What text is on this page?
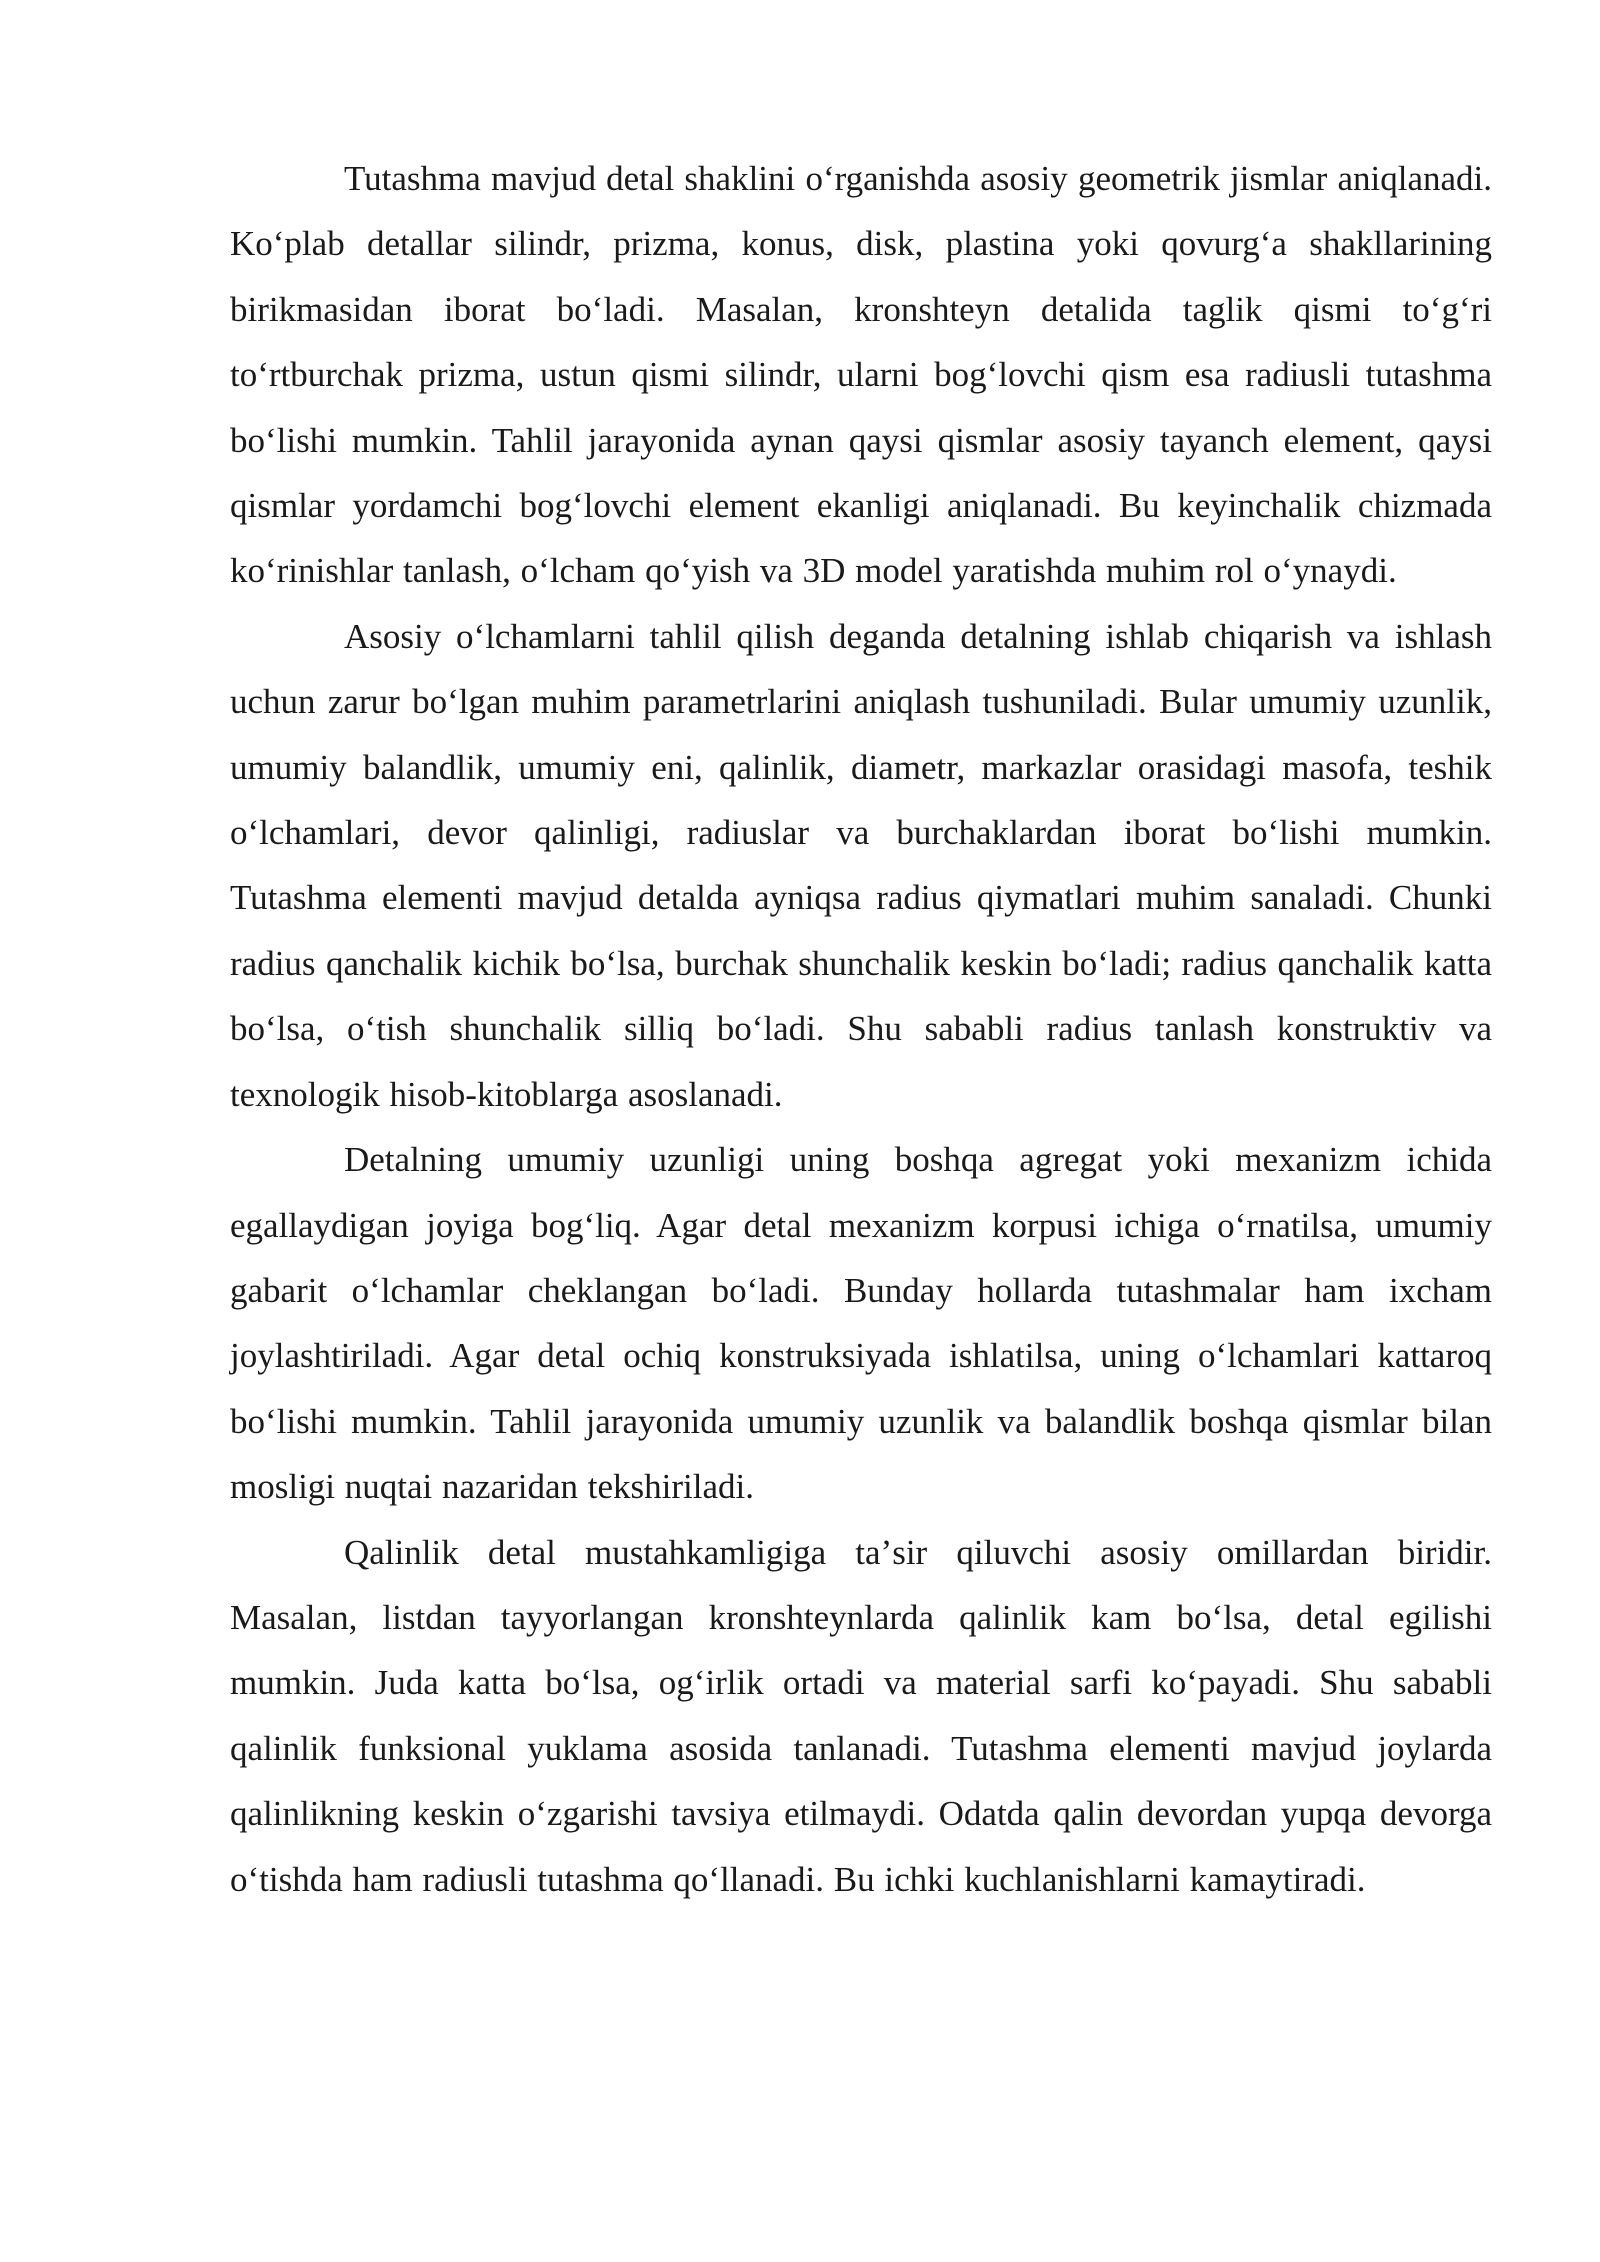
Tutashma mavjud detal shaklini oʻrganishda asosiy geometrik jismlar aniqlanadi. Koʻplab detallar silindr, prizma, konus, disk, plastina yoki qovurgʻa shakllarining birikmasidan iborat boʻladi. Masalan, kronshteyn detalida taglik qismi toʻgʻri toʻrtburchak prizma, ustun qismi silindr, ularni bogʻlovchi qism esa radiusli tutashma boʻlishi mumkin. Tahlil jarayonida aynan qaysi qismlar asosiy tayanch element, qaysi qismlar yordamchi bogʻlovchi element ekanligi aniqlanadi. Bu keyinchalik chizmada koʻrinishlar tanlash, oʻlcham qoʻyish va 3D model yaratishda muhim rol oʻynaydi.

Asosiy oʻlchamlarni tahlil qilish deganda detalning ishlab chiqarish va ishlash uchun zarur boʻlgan muhim parametrlarini aniqlash tushuniladi. Bular umumiy uzunlik, umumiy balandlik, umumiy eni, qalinlik, diametr, markazlar orasidagi masofa, teshik oʻlchamlari, devor qalinligi, radiuslar va burchaklardan iborat boʻlishi mumkin. Tutashma elementi mavjud detalda ayniqsa radius qiymatlari muhim sanaladi. Chunki radius qanchalik kichik boʻlsa, burchak shunchalik keskin boʻladi; radius qanchalik katta boʻlsa, oʻtish shunchalik silliq boʻladi. Shu sababli radius tanlash konstruktiv va texnologik hisob-kitoblarga asoslanadi.

Detalning umumiy uzunligi uning boshqa agregat yoki mexanizm ichida egallaydigan joyiga bogʻliq. Agar detal mexanizm korpusi ichiga oʻrnatilsa, umumiy gabarit oʻlchamlar cheklangan boʻladi. Bunday hollarda tutashmalar ham ixcham joylashtiriladi. Agar detal ochiq konstruksiyada ishlatilsa, uning oʻlchamlari kattaroq boʻlishi mumkin. Tahlil jarayonida umumiy uzunlik va balandlik boshqa qismlar bilan mosligi nuqtai nazaridan tekshiriladi.

Qalinlik detal mustahkamligiga taʼsir qiluvchi asosiy omillardan biridir. Masalan, listdan tayyorlangan kronshteynlarda qalinlik kam boʻlsa, detal egilishi mumkin. Juda katta boʻlsa, ogʻirlik ortadi va material sarfi koʻpayadi. Shu sababli qalinlik funksional yuklama asosida tanlanadi. Tutashma elementi mavjud joylarda qalinlikning keskin oʻzgarishi tavsiya etilmaydi. Odatda qalin devordan yupqa devorga oʻtishda ham radiusli tutashma qoʻllanadi. Bu ichki kuchlanishlarni kamaytiradi.
